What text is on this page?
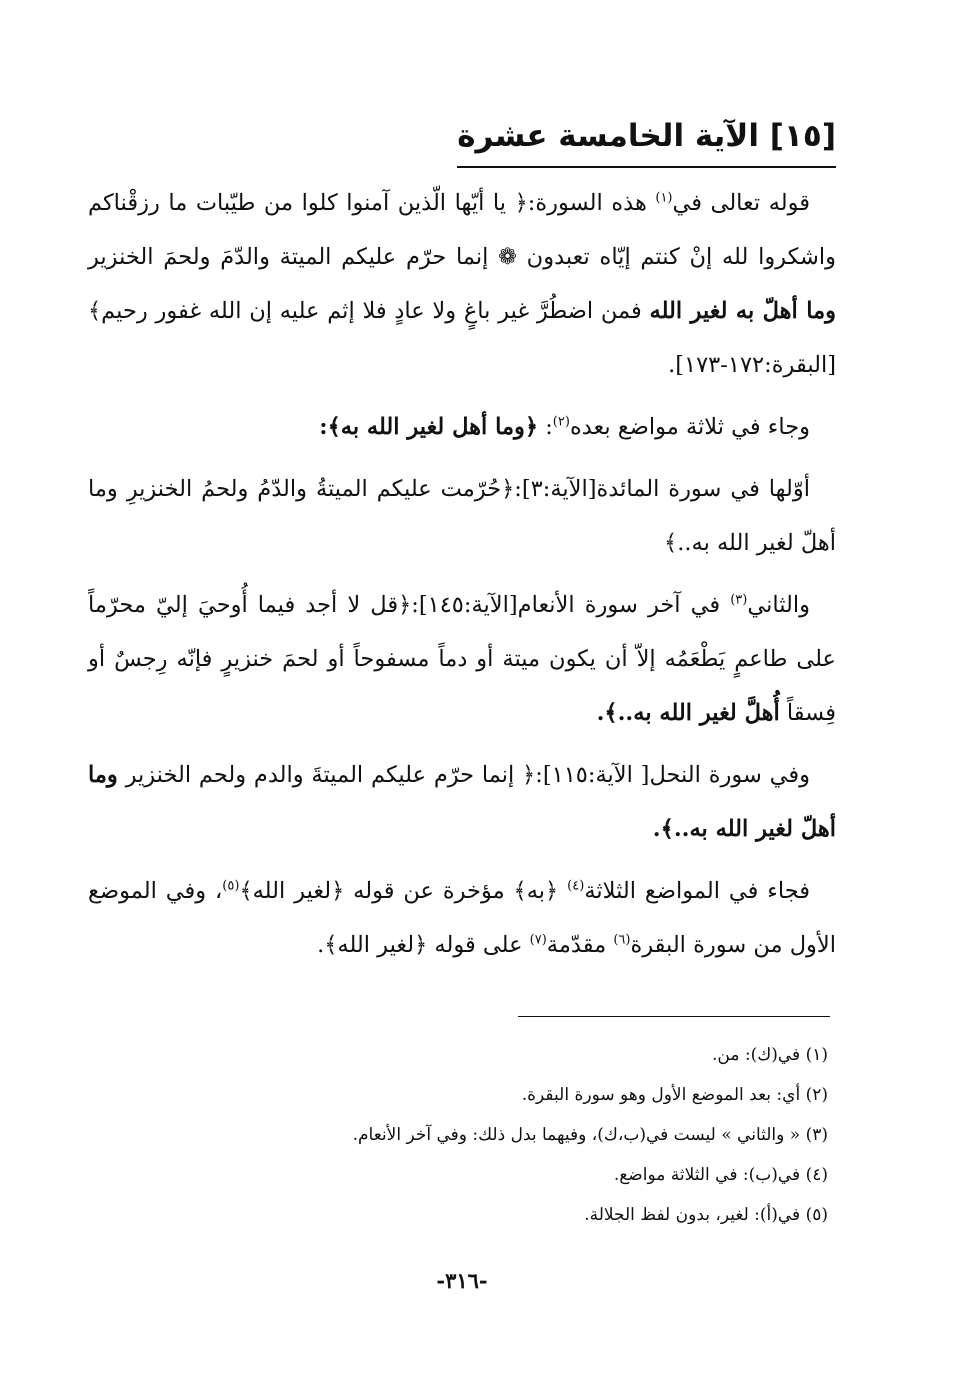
[١٥] الآية الخامسة عشرة

قوله تعالى في$^{(١)}$ هذه السورة:﴿ يا أيّها الّذين آمنوا كلوا من طيّبات ما رزقْناكم واشكروا لله إنْ كنتم إيّاه تعبدون ❁ إنما حرّم عليكم الميتة والدّمَ ولحمَ الخنزير وما أهلّ به لغير الله فمن اضطُرَّ غير باغٍ ولا عادٍ فلا إثم عليه إن الله غفور رحيم﴾[البقرة:١٧٢-١٧٣].

وجاء في ثلاثة مواضع بعده$^{(٢)}$: ﴿وما أهل لغير الله به﴾:

أوّلها في سورة المائدة[الآية:٣]:﴿حُرّمت عليكم الميتةُ والدّمُ ولحمُ الخنزيرِ وما أهلّ لغير الله به..﴾

والثاني$^{(٣)}$ في آخر سورة الأنعام[الآية:١٤٥]:﴿قل لا أجد فيما أُوحيَ إليّ محرّماً على طاعمٍ يَطْعَمُه إلاّ أن يكون ميتة أو دماً مسفوحاً أو لحمَ خنزيرٍ فإنّه رِجسٌ أو فِسقاً أُهلَّ لغير الله به..﴾.

وفي سورة النحل[ الآية:١١٥]:﴿ إنما حرّم عليكم الميتةَ والدم ولحم الخنزير وما أهلّ لغير الله به..﴾.

فجاء في المواضع الثلاثة$^{(٤)}$ ﴿به﴾ مؤخرة عن قوله ﴿لغير الله﴾$^{(٥)}$، وفي الموضع الأول من سورة البقرة$^{(٦)}$ مقدّمة$^{(٧)}$ على قوله ﴿لغير الله﴾.

(١) في(ك): من.
(٢) أي: بعد الموضع الأول وهو سورة البقرة.
(٣) « والثاني » ليست في(ب،ك)، وفيهما بدل ذلك: وفي آخر الأنعام.
(٤) في(ب): في الثلاثة مواضع.
(٥) في(أ): لغير، بدون لفظ الجلالة.
-٣١٦-
